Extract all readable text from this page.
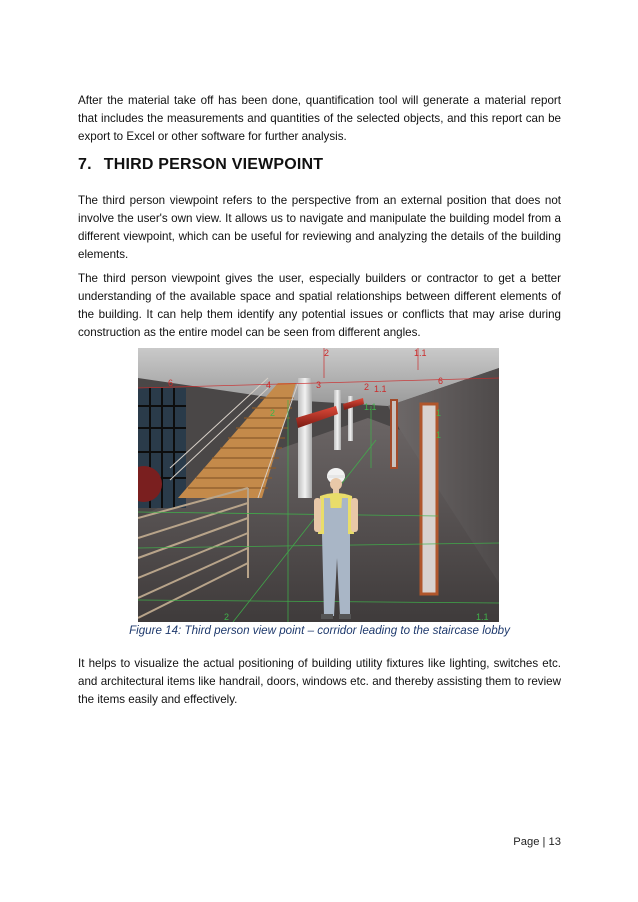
After the material take off has been done, quantification tool will generate a material report that includes the measurements and quantities of the selected objects, and this report can be export to Excel or other software for further analysis.

7. THIRD PERSON VIEWPOINT

The third person viewpoint refers to the perspective from an external position that does not involve the user's own view. It allows us to navigate and manipulate the building model from a different viewpoint, which can be useful for reviewing and analyzing the details of the building elements.

The third person viewpoint gives the user, especially builders or contractor to get a better understanding of the available space and spatial relationships between different elements of the building. It can help them identify any potential issues or conflicts that may arise during construction as the entire model can be seen from different angles.

2	1.1
6	4	3	2 1.1
6
2
1.1
1
1
2	1.1

Figure 14: Third person view point – corridor leading to the staircase lobby

It helps to visualize the actual positioning of building utility fixtures like lighting, switches etc. and architectural items like handrail, doors, windows etc. and thereby assisting them to review the items easily and effectively.

Page | 13
